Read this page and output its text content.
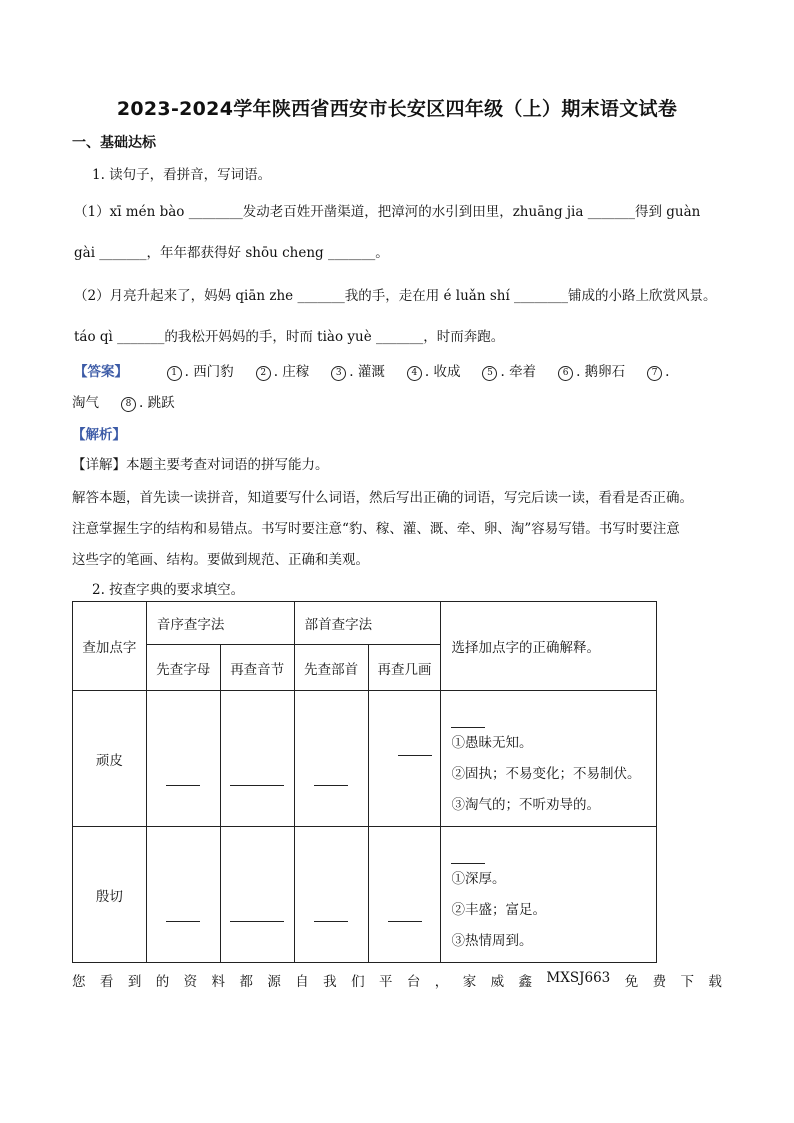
2023-2024学年陕西省西安市长安区四年级（上）期末语文试卷
一、基础达标
1. 读句子，看拼音，写词语。
（1）xī mén bào ________发动老百姓开凿渠道，把漳河的水引到田里，zhuāng jia _______得到 guàn
gài _______，年年都获得好 shōu cheng _______。
（2）月亮升起来了，妈妈 qiān zhe _______我的手，走在用 é luǎn shí ________铺成的小路上欣赏风景。
táo qì _______的我松开妈妈的手，时而 tiào yuè _______，时而奔跑。
【答案】	1 . 西门豹	2 . 庄稼	3 . 灌溉	4 . 收成	5 . 牵着	6 . 鹅卵石	7 .
淘气	8 . 跳跃
【解析】
【详解】本题主要考查对词语的拼写能力。
解答本题，首先读一读拼音，知道要写什么词语，然后写出正确的词语，写完后读一读，看看是否正确。
注意掌握生字的结构和易错点。书写时要注意“豹、稼、灌、溉、牵、卵、淘”容易写错。书写时要注意
这些字的笔画、结构。要做到规范、正确和美观。
2. 按查字典的要求填空。
查加点字	音序查字法		部首查字法		选择加点字的正确解释。
	先查字母	再查音节	先查部首	再查几画	
顽皮					①愚昧无知。
②固执；不易变化；不易制伏。
③淘气的；不听劝导的。
殷切					①深厚。
②丰盛；富足。
③热情周到。
您 看 到 的 资 料 都 源 自 我 们 平 台 ， 家 威 鑫 MXSJ663 免 费 下 载
